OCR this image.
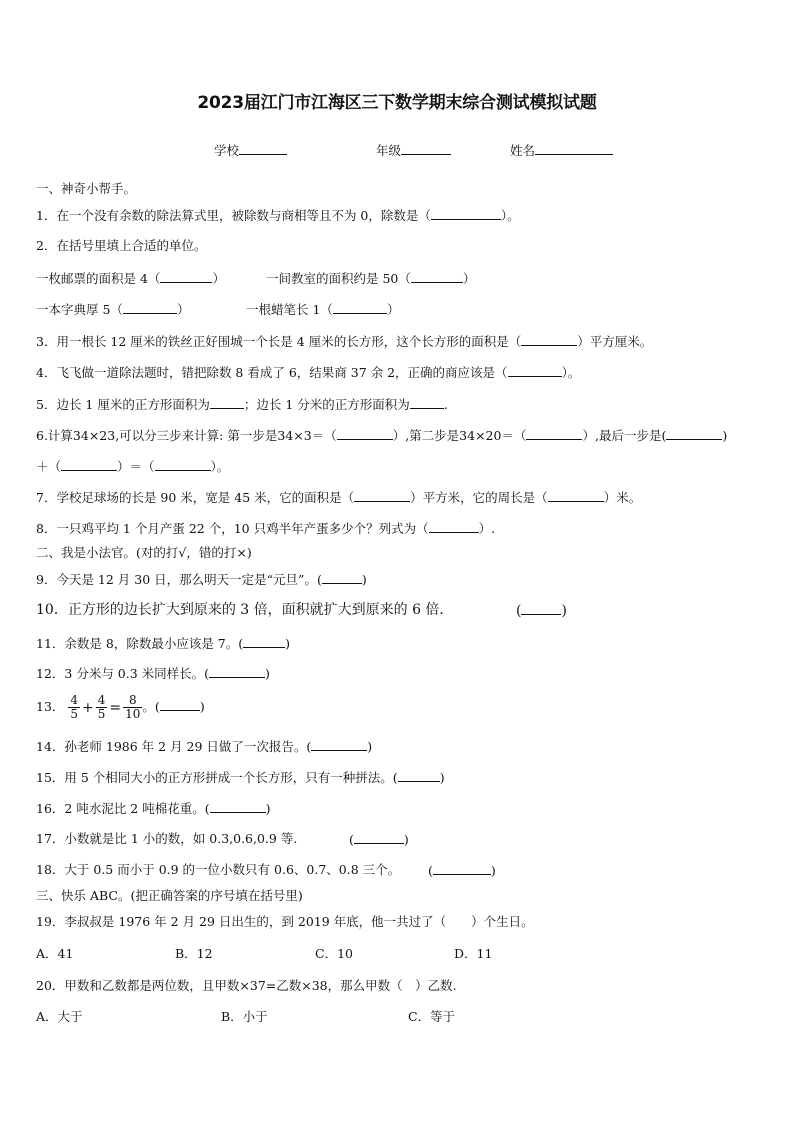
2023届江门市江海区三下数学期末综合测试模拟试题
学校	年级	姓名
一、神奇小帮手。
1．在一个没有余数的除法算式里，被除数与商相等且不为 0，除数是（	）。
2．在括号里填上合适的单位。
一枚邮票的面积是 4（	）	一间教室的面积约是 50（	）
一本字典厚 5（	）	一根蜡笔长 1（	）
3．用一根长 12 厘米的铁丝正好围城一个长是 4 厘米的长方形，这个长方形的面积是（	）平方厘米。
4．飞飞做一道除法题时，错把除数 8 看成了 6，结果商 37 余 2，正确的商应该是（	）。
5．边长 1 厘米的正方形面积为	；边长 1 分米的正方形面积为	.
6.计算34×23,可以分三步来计算: 第一步是34×3＝（	）,第二步是34×20＝（	）,最后一步是(	)
＋（	）＝（	）。
7．学校足球场的长是 90 米，宽是 45 米，它的面积是（	）平方米，它的周长是（	）米。
8．一只鸡平均 1 个月产蛋 22 个，10 只鸡半年产蛋多少个？列式为（	）.
二、我是小法官。(对的打√，错的打×)
9．今天是 12 月 30 日，那么明天一定是“元旦”。(	)
10．正方形的边长扩大到原来的 3 倍，面积就扩大到原来的 6 倍．	(	)
11．余数是 8，除数最小应该是 7。(	)
12．3 分米与 0.3 米同样长。(	)
13． $\frac{4}{5} + \frac{4}{5} = \frac{8}{10}$ 。(	)
14．孙老师 1986 年 2 月 29 日做了一次报告。(	)
15．用 5 个相同大小的正方形拼成一个长方形，只有一种拼法。(	)
16．2 吨水泥比 2 吨棉花重。(	)
17．小数就是比 1 小的数，如 0.3,0.6,0.9 等.	(	)
18．大于 0.5 而小于 0.9 的一位小数只有 0.6、0.7、0.8 三个。 (	)
三、快乐 ABC。(把正确答案的序号填在括号里)
19．李叔叔是 1976 年 2 月 29 日出生的，到 2019 年底，他一共过了（　　）个生日。
A．41	B．12	C．10	D．11
20．甲数和乙数都是两位数，且甲数×37=乙数×38，那么甲数（　）乙数.
A．大于	B．小于	C．等于
